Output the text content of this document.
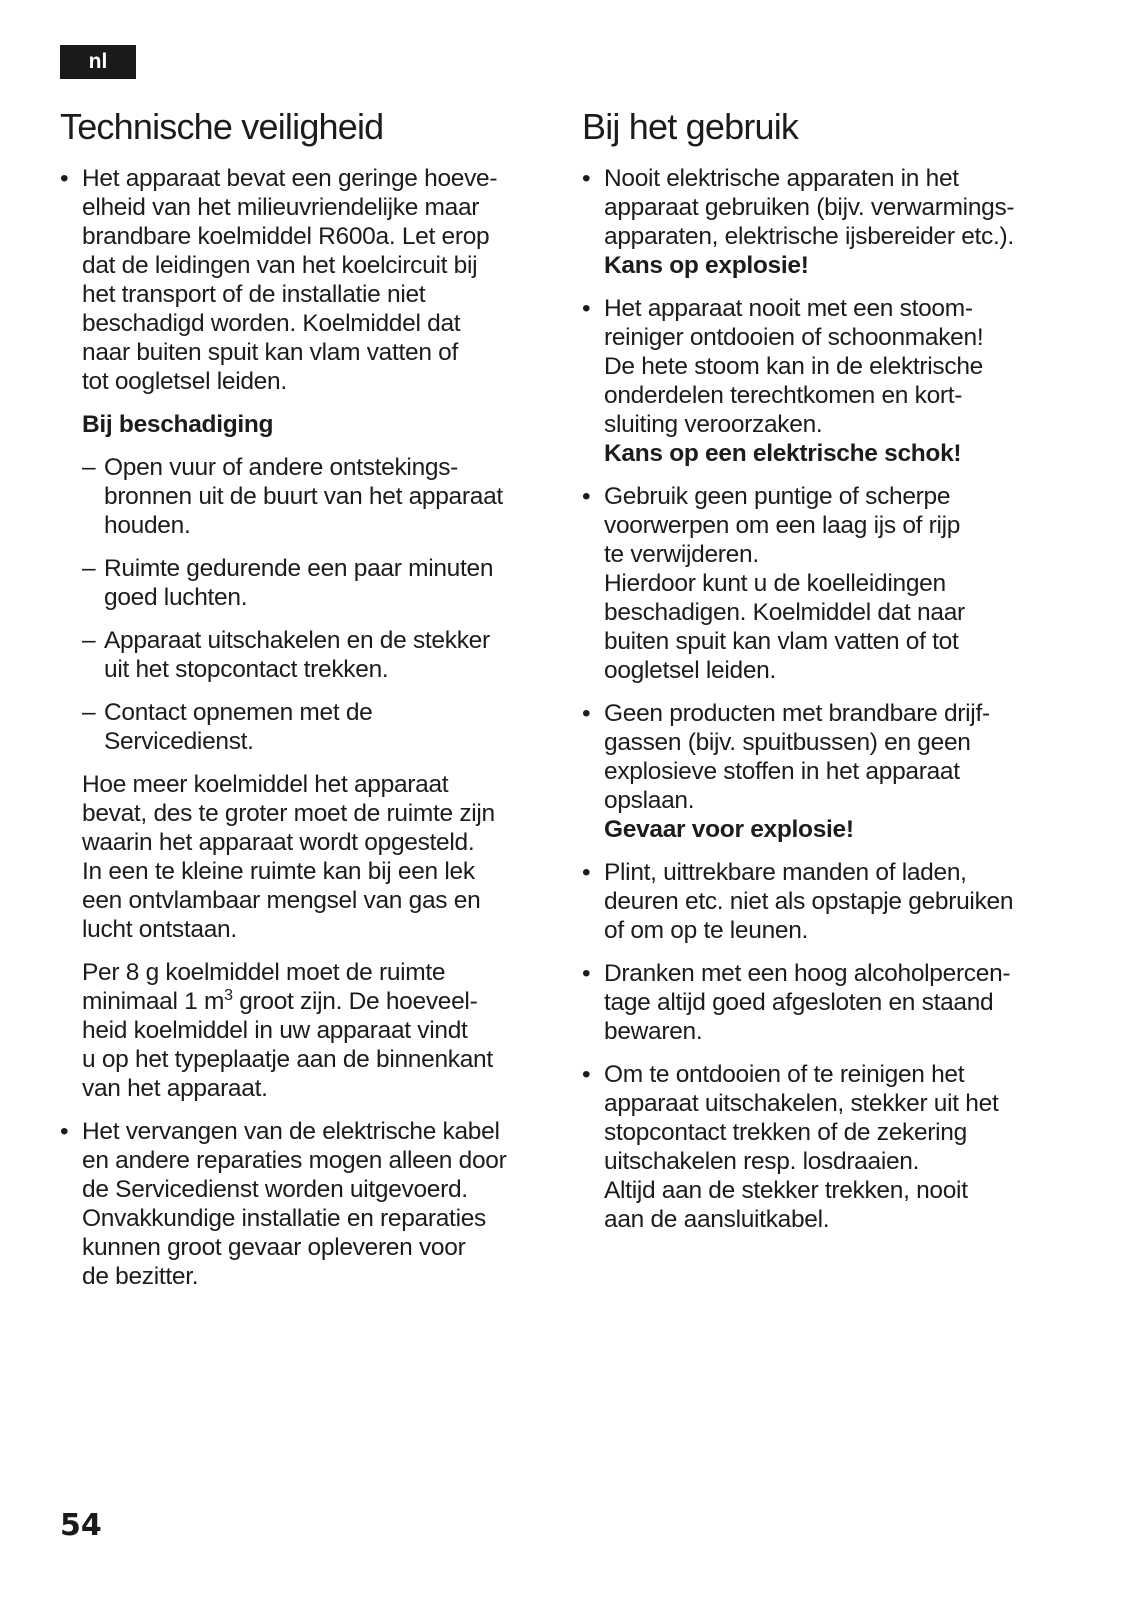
nl
Technische veiligheid
• Het apparaat bevat een geringe hoeve-
elheid van het milieuvriendelijke maar
brandbare koelmiddel R600a. Let erop
dat de leidingen van het koelcircuit bij
het transport of de installatie niet
beschadigd worden. Koelmiddel dat
naar buiten spuit kan vlam vatten of
tot oogletsel leiden.
Bij beschadiging
– Open vuur of andere ontstekings-
bronnen uit de buurt van het apparaat
houden.
– Ruimte gedurende een paar minuten
goed luchten.
– Apparaat uitschakelen en de stekker
uit het stopcontact trekken.
– Contact opnemen met de
Servicedienst.
Hoe meer koelmiddel het apparaat
bevat, des te groter moet de ruimte zijn
waarin het apparaat wordt opgesteld.
In een te kleine ruimte kan bij een lek
een ontvlambaar mengsel van gas en
lucht ontstaan.
Per 8 g koelmiddel moet de ruimte
minimaal 1 $m^3$ groot zijn. De hoeveel-
heid koelmiddel in uw apparaat vindt
u op het typeplaatje aan de binnenkant
van het apparaat.
• Het vervangen van de elektrische kabel
en andere reparaties mogen alleen door
de Servicedienst worden uitgevoerd.
Onvakkundige installatie en reparaties
kunnen groot gevaar opleveren voor
de bezitter.
Bij het gebruik
• Nooit elektrische apparaten in het
apparaat gebruiken (bijv. verwarmings-
apparaten, elektrische ijsbereider etc.).
Kans op explosie!
• Het apparaat nooit met een stoom-
reiniger ontdooien of schoonmaken!
De hete stoom kan in de elektrische
onderdelen terechtkomen en kort-
sluiting veroorzaken.
Kans op een elektrische schok!
• Gebruik geen puntige of scherpe
voorwerpen om een laag ijs of rijp
te verwijderen.
Hierdoor kunt u de koelleidingen
beschadigen. Koelmiddel dat naar
buiten spuit kan vlam vatten of tot
oogletsel leiden.
• Geen producten met brandbare drijf-
gassen (bijv. spuitbussen) en geen
explosieve stoffen in het apparaat
opslaan.
Gevaar voor explosie!
• Plint, uittrekbare manden of laden,
deuren etc. niet als opstapje gebruiken
of om op te leunen.
• Dranken met een hoog alcoholpercen-
tage altijd goed afgesloten en staand
bewaren.
• Om te ontdooien of te reinigen het
apparaat uitschakelen, stekker uit het
stopcontact trekken of de zekering
uitschakelen resp. losdraaien.
Altijd aan de stekker trekken, nooit
aan de aansluitkabel.
54
